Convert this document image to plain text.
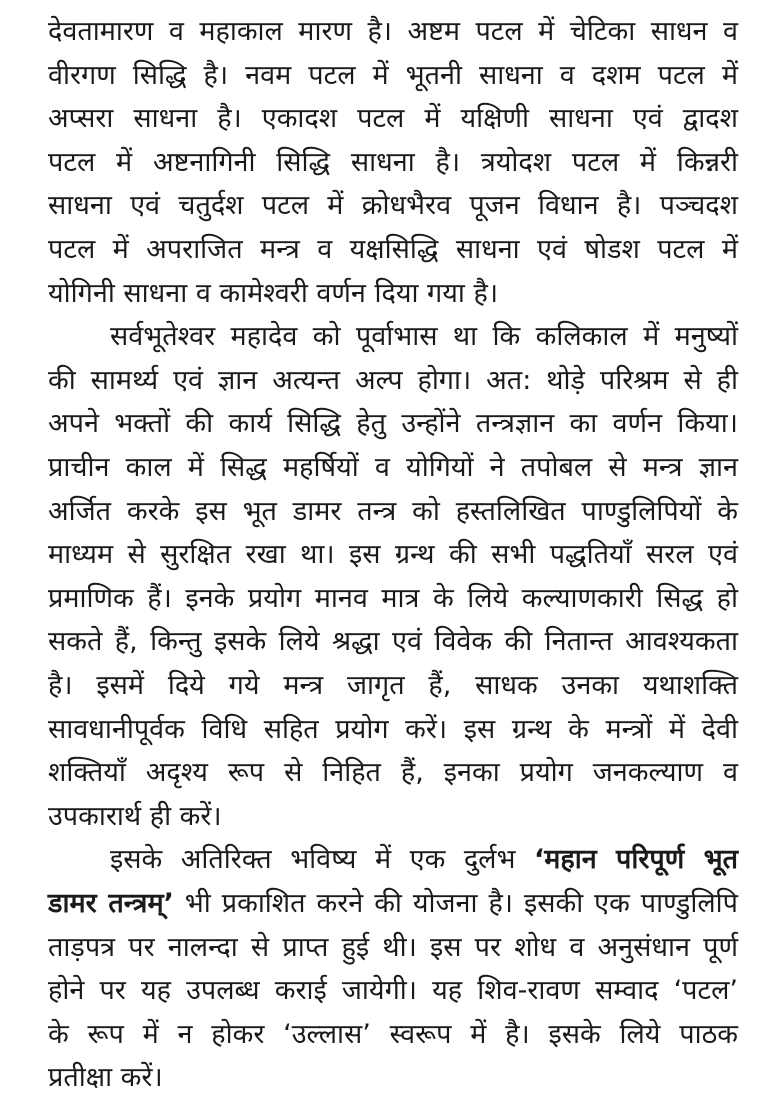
देवतामारण व महाकाल मारण है। अष्टम पटल में चेटिका साधन व
वीरगण सिद्धि है। नवम पटल में भूतनी साधना व दशम पटल में
अप्सरा साधना है। एकादश पटल में यक्षिणी साधना एवं द्वादश
पटल में अष्टनागिनी सिद्धि साधना है। त्रयोदश पटल में किन्नरी
साधना एवं चतुर्दश पटल में क्रोधभैरव पूजन विधान है। पञ्चदश
पटल में अपराजित मन्त्र व यक्षसिद्धि साधना एवं षोडश पटल में
योगिनी साधना व कामेश्वरी वर्णन दिया गया है।
सर्वभूतेश्वर महादेव को पूर्वाभास था कि कलिकाल में मनुष्यों
की सामर्थ्य एवं ज्ञान अत्यन्त अल्प होगा। अत: थोड़े परिश्रम से ही
अपने भक्तों की कार्य सिद्धि हेतु उन्होंने तन्त्रज्ञान का वर्णन किया।
प्राचीन काल में सिद्ध महर्षियों व योगियों ने तपोबल से मन्त्र ज्ञान
अर्जित करके इस भूत डामर तन्त्र को हस्तलिखित पाण्डुलिपियों के
माध्यम से सुरक्षित रखा था। इस ग्रन्थ की सभी पद्धतियाँ सरल एवं
प्रमाणिक हैं। इनके प्रयोग मानव मात्र के लिये कल्याणकारी सिद्ध हो
सकते हैं, किन्तु इसके लिये श्रद्धा एवं विवेक की नितान्त आवश्यकता
है। इसमें दिये गये मन्त्र जागृत हैं, साधक उनका यथाशक्ति
सावधानीपूर्वक विधि सहित प्रयोग करें। इस ग्रन्थ के मन्त्रों में देवी
शक्तियाँ अदृश्य रूप से निहित हैं, इनका प्रयोग जनकल्याण व
उपकारार्थ ही करें।
इसके अतिरिक्त भविष्य में एक दुर्लभ ‘महान परिपूर्ण भूत
डामर तन्त्रम्’ भी प्रकाशित करने की योजना है। इसकी एक पाण्डुलिपि
ताड़पत्र पर नालन्दा से प्राप्त हुई थी। इस पर शोध व अनुसंधान पूर्ण
होने पर यह उपलब्ध कराई जायेगी। यह शिव-रावण सम्वाद ‘पटल’
के रूप में न होकर ‘उल्लास’ स्वरूप में है। इसके लिये पाठक
प्रतीक्षा करें।
